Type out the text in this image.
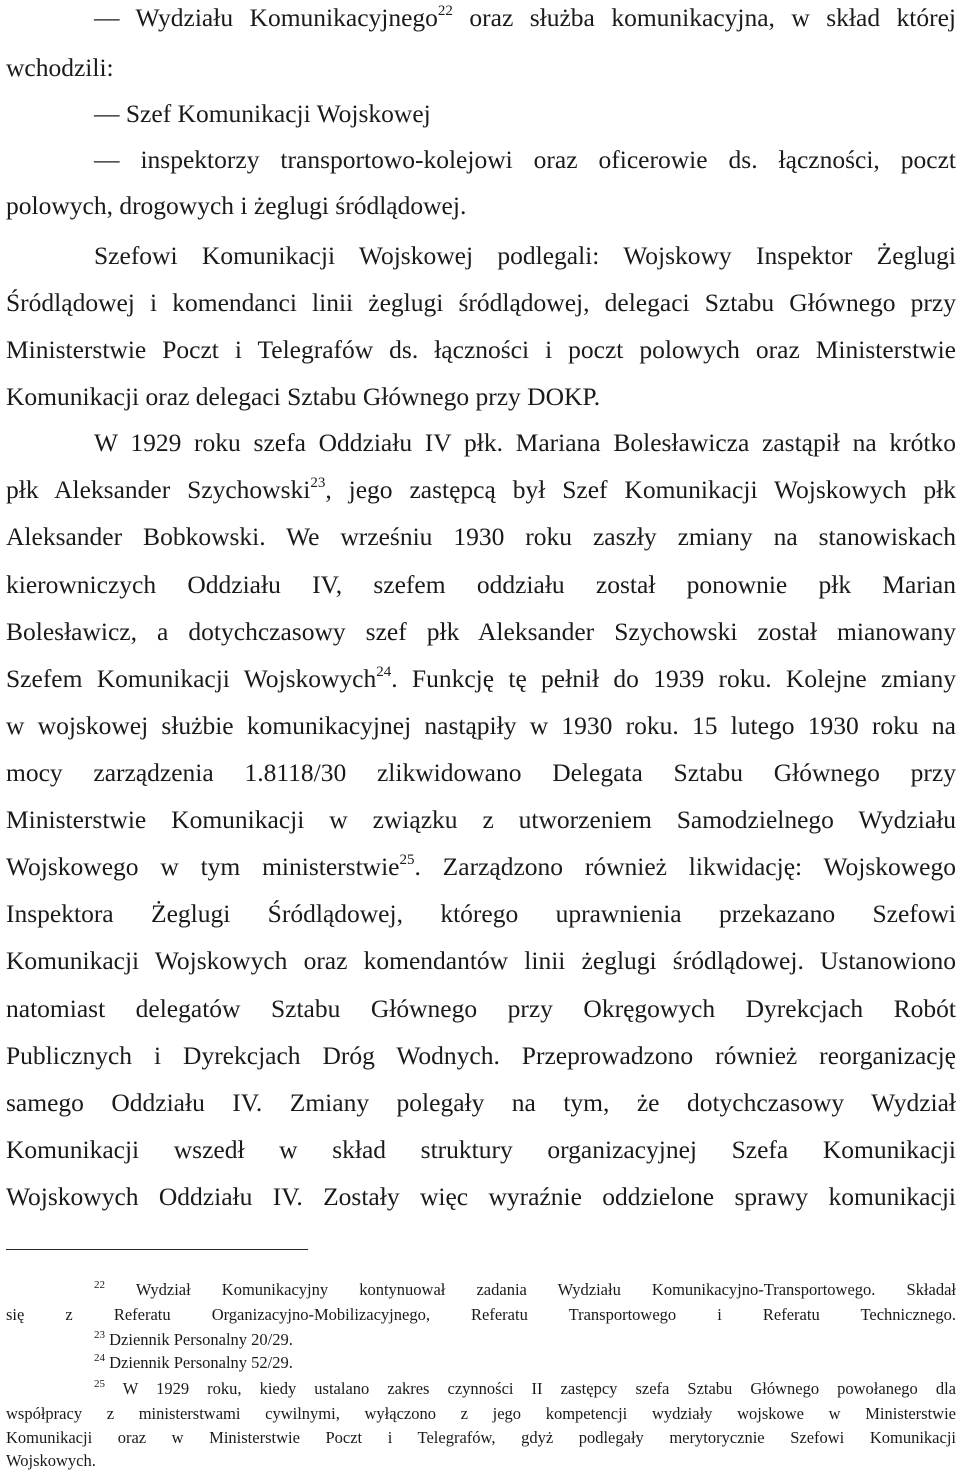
— Wydziału Komunikacyjnego$^{22}$ oraz służba komunikacyjna, w skład której
wchodzili:
— Szef Komunikacji Wojskowej
— inspektorzy transportowo-kolejowi oraz oficerowie ds. łączności, poczt
polowych, drogowych i żeglugi śródlądowej.
Szefowi Komunikacji Wojskowej podlegali: Wojskowy Inspektor Żeglugi
Śródlądowej i komendanci linii żeglugi śródlądowej, delegaci Sztabu Głównego przy
Ministerstwie Poczt i Telegrafów ds. łączności i poczt polowych oraz Ministerstwie
Komunikacji oraz delegaci Sztabu Głównego przy DOKP.
W 1929 roku szefa Oddziału IV płk. Mariana Bolesławicza zastąpił na krótko
płk Aleksander Szychowski$^{23}$, jego zastępcą był Szef Komunikacji Wojskowych płk
Aleksander Bobkowski. We wrześniu 1930 roku zaszły zmiany na stanowiskach
kierowniczych Oddziału IV, szefem oddziału został ponownie płk Marian
Bolesławicz, a dotychczasowy szef płk Aleksander Szychowski został mianowany
Szefem Komunikacji Wojskowych$^{24}$. Funkcję tę pełnił do 1939 roku. Kolejne zmiany
w wojskowej służbie komunikacyjnej nastąpiły w 1930 roku. 15 lutego 1930 roku na
mocy zarządzenia 1.8118/30 zlikwidowano Delegata Sztabu Głównego przy
Ministerstwie Komunikacji w związku z utworzeniem Samodzielnego Wydziału
Wojskowego w tym ministerstwie$^{25}$. Zarządzono również likwidację: Wojskowego
Inspektora Żeglugi Śródlądowej, którego uprawnienia przekazano Szefowi
Komunikacji Wojskowych oraz komendantów linii żeglugi śródlądowej. Ustanowiono
natomiast delegatów Sztabu Głównego przy Okręgowych Dyrekcjach Robót
Publicznych i Dyrekcjach Dróg Wodnych. Przeprowadzono również reorganizację
samego Oddziału IV. Zmiany polegały na tym, że dotychczasowy Wydział
Komunikacji wszedł w skład struktury organizacyjnej Szefa Komunikacji
Wojskowych Oddziału IV. Zostały więc wyraźnie oddzielone sprawy komunikacji
$^{22}$ Wydział Komunikacyjny kontynuował zadania Wydziału Komunikacyjno-Transportowego. Składał
się z Referatu Organizacyjno-Mobilizacyjnego, Referatu Transportowego i Referatu Technicznego.
$^{23}$ Dziennik Personalny 20/29.
$^{24}$ Dziennik Personalny 52/29.
$^{25}$ W 1929 roku, kiedy ustalano zakres czynności II zastępcy szefa Sztabu Głównego powołanego dla
współpracy z ministerstwami cywilnymi, wyłączono z jego kompetencji wydziały wojskowe w Ministerstwie
Komunikacji oraz w Ministerstwie Poczt i Telegrafów, gdyż podlegały merytorycznie Szefowi Komunikacji
Wojskowych.
